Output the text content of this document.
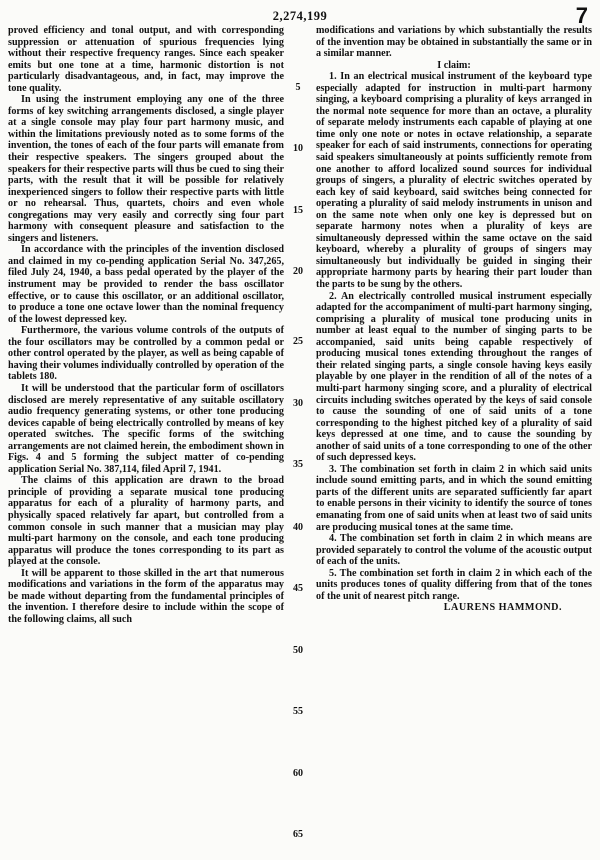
2,274,199	7

proved efficiency and tonal output, and with corresponding suppression or attenuation of spurious frequencies lying without their respective frequency ranges. Since each speaker emits but one tone at a time, harmonic distortion is not particularly disadvantageous, and, in fact, may improve the tone quality.

In using the instrument employing any one of the three forms of key switching arrangements disclosed, a single player at a single console may play four part harmony music, and within the limitations previously noted as to some forms of the invention, the tones of each of the four parts will emanate from their respective speakers. The singers grouped about the speakers for their respective parts will thus be cued to sing their parts, with the result that it will be possible for relatively inexperienced singers to follow their respective parts with little or no rehearsal. Thus, quartets, choirs and even whole congregations may very easily and correctly sing four part harmony with consequent pleasure and satisfaction to the singers and listeners.

In accordance with the principles of the invention disclosed and claimed in my co-pending application Serial No. 347,265, filed July 24, 1940, a bass pedal operated by the player of the instrument may be provided to render the bass oscillator effective, or to cause this oscillator, or an additional oscillator, to produce a tone one octave lower than the nominal frequency of the lowest depressed key.

Furthermore, the various volume controls of the outputs of the four oscillators may be controlled by a common pedal or other control operated by the player, as well as being capable of having their volumes individually controlled by operation of the tablets 180.

It will be understood that the particular form of oscillators disclosed are merely representative of any suitable oscillatory audio frequency generating systems, or other tone producing devices capable of being electrically controlled by means of key operated switches. The specific forms of the switching arrangements are not claimed herein, the embodiment shown in Figs. 4 and 5 forming the subject matter of co-pending application Serial No. 387,114, filed April 7, 1941.

The claims of this application are drawn to the broad principle of providing a separate musical tone producing apparatus for each of a plurality of harmony parts, and physically spaced relatively far apart, but controlled from a common console in such manner that a musician may play multi-part harmony on the console, and each tone producing apparatus will produce the tones corresponding to its part as played at the console.

It will be apparent to those skilled in the art that numerous modifications and variations in the form of the apparatus may be made without departing from the fundamental principles of the invention. I therefore desire to include within the scope of the following claims, all such

modifications and variations by which substantially the results of the invention may be obtained in substantially the same or in a similar manner.

I claim:

1. In an electrical musical instrument of the keyboard type especially adapted for instruction in multi-part harmony singing, a keyboard comprising a plurality of keys arranged in the normal note sequence for more than an octave, a plurality of separate melody instruments each capable of playing at one time only one note or notes in octave relationship, a separate speaker for each of said instruments, connections for operating said speakers simultaneously at points sufficiently remote from one another to afford localized sound sources for individual groups of singers, a plurality of electric switches operated by each key of said keyboard, said switches being connected for operating a plurality of said melody instruments in unison and on the same note when only one key is depressed but on separate harmony notes when a plurality of keys are simultaneously depressed within the same octave on the said keyboard, whereby a plurality of groups of singers may simultaneously but individually be guided in singing their appropriate harmony parts by hearing their part louder than the parts to be sung by the others.

2. An electrically controlled musical instrument especially adapted for the accompaniment of multi-part harmony singing, comprising a plurality of musical tone producing units in number at least equal to the number of singing parts to be accompanied, said units being capable respectively of producing musical tones extending throughout the ranges of their related singing parts, a single console having keys easily playable by one player in the rendition of all of the notes of a multi-part harmony singing score, and a plurality of electrical circuits including switches operated by the keys of said console to cause the sounding of one of said units of a tone corresponding to the highest pitched key of a plurality of said keys depressed at one time, and to cause the sounding by another of said units of a tone corresponding to one of the other of such depressed keys.

3. The combination set forth in claim 2 in which said units include sound emitting parts, and in which the sound emitting parts of the different units are separated sufficiently far apart to enable persons in their vicinity to identify the source of tones emanating from one of said units when at least two of said units are producing musical tones at the same time.

4. The combination set forth in claim 2 in which means are provided separately to control the volume of the acoustic output of each of the units.

5. The combination set forth in claim 2 in which each of the units produces tones of quality differing from that of the tones of the unit of nearest pitch range.

LAURENS HAMMOND.

5
10
15
20
25
30
35
40
45
50
55
60
65
